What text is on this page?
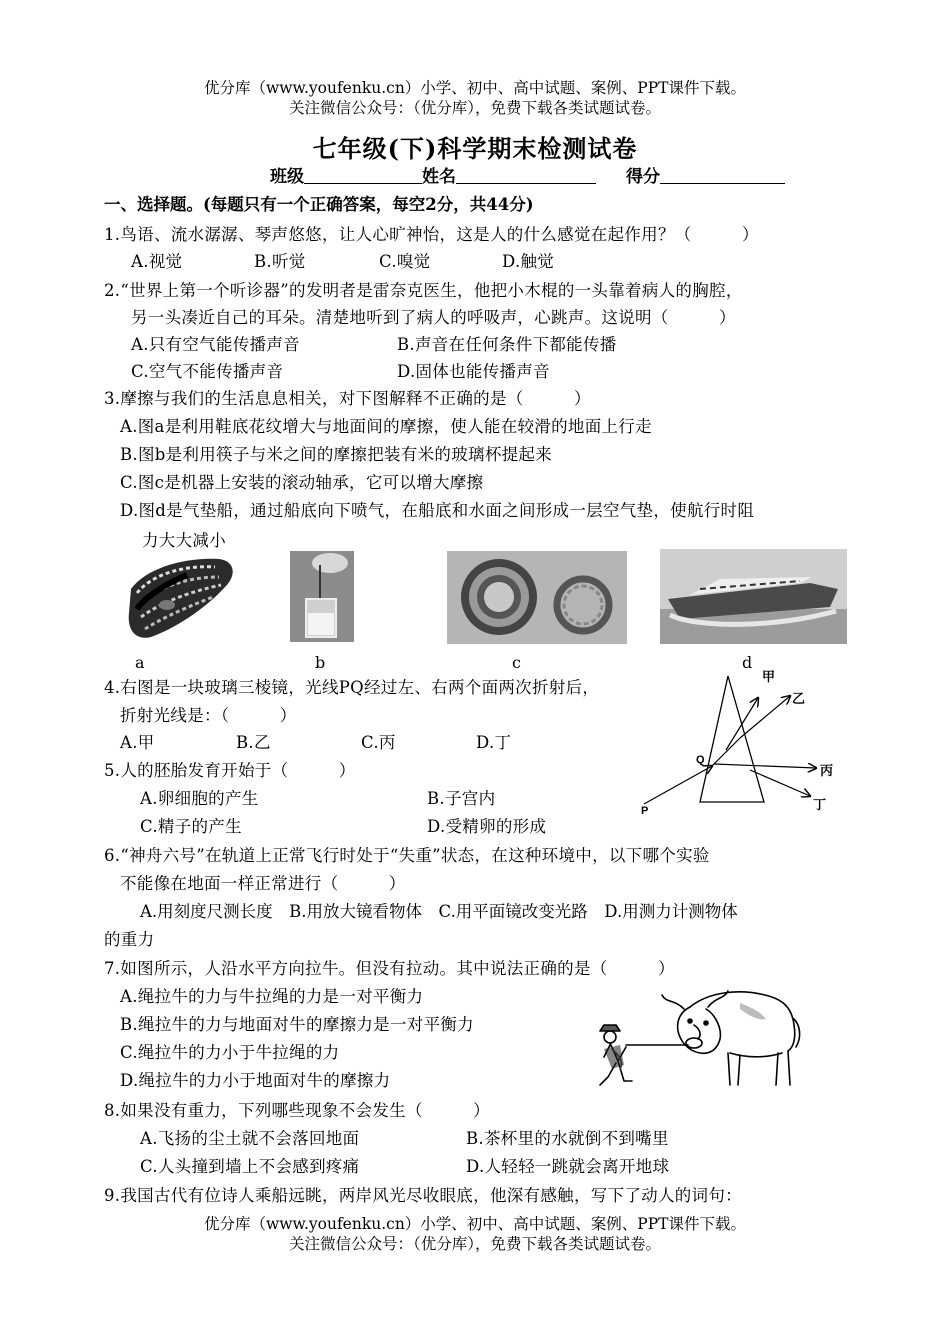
优分库（www.youfenku.cn）小学、初中、高中试题、案例、PPT课件下载。
关注微信公众号：（优分库），免费下载各类试题试卷。
七年级(下)科学期末检测试卷
班级	姓名	得分
一、选择题。(每题只有一个正确答案，每空2分，共44分)
1.鸟语、流水潺潺、琴声悠悠，让人心旷神怡，这是人的什么感觉在起作用？（　　　）
A.视觉	B.听觉	C.嗅觉	D.触觉
2.“世界上第一个听诊器”的发明者是雷奈克医生，他把小木棍的一头靠着病人的胸腔，
另一头凑近自己的耳朵。清楚地听到了病人的呼吸声，心跳声。这说明（　　　）
A.只有空气能传播声音	B.声音在任何条件下都能传播
C.空气不能传播声音	D.固体也能传播声音
3.摩擦与我们的生活息息相关，对下图解释不正确的是（　　　）
A.图a是利用鞋底花纹增大与地面间的摩擦，使人能在较滑的地面上行走
B.图b是利用筷子与米之间的摩擦把装有米的玻璃杯提起来
C.图c是机器上安装的滚动轴承，它可以增大摩擦
D.图d是气垫船，通过船底向下喷气，在船底和水面之间形成一层空气垫，使航行时阻
力大大减小
a	b	c	d
4.右图是一块玻璃三棱镜，光线PQ经过左、右两个面两次折射后，
折射光线是：（　　　）
A.甲	B.乙	C.丙	D.丁
甲
乙
丙
丁
P
Q
5.人的胚胎发育开始于（　　　）
A.卵细胞的产生	B.子宫内
C.精子的产生	D.受精卵的形成
6.“神舟六号”在轨道上正常飞行时处于“失重”状态，在这种环境中，以下哪个实验
不能像在地面一样正常进行（　　　）
A.用刻度尺测长度　B.用放大镜看物体　C.用平面镜改变光路　D.用测力计测物体
的重力
7.如图所示，人沿水平方向拉牛。但没有拉动。其中说法正确的是（　　　）
A.绳拉牛的力与牛拉绳的力是一对平衡力
B.绳拉牛的力与地面对牛的摩擦力是一对平衡力
C.绳拉牛的力小于牛拉绳的力
D.绳拉牛的力小于地面对牛的摩擦力
8.如果没有重力，下列哪些现象不会发生（　　　）
A.飞扬的尘土就不会落回地面	B.茶杯里的水就倒不到嘴里
C.人头撞到墙上不会感到疼痛	D.人轻轻一跳就会离开地球
9.我国古代有位诗人乘船远眺，两岸风光尽收眼底，他深有感触，写下了动人的词句：
优分库（www.youfenku.cn）小学、初中、高中试题、案例、PPT课件下载。
关注微信公众号：（优分库），免费下载各类试题试卷。
